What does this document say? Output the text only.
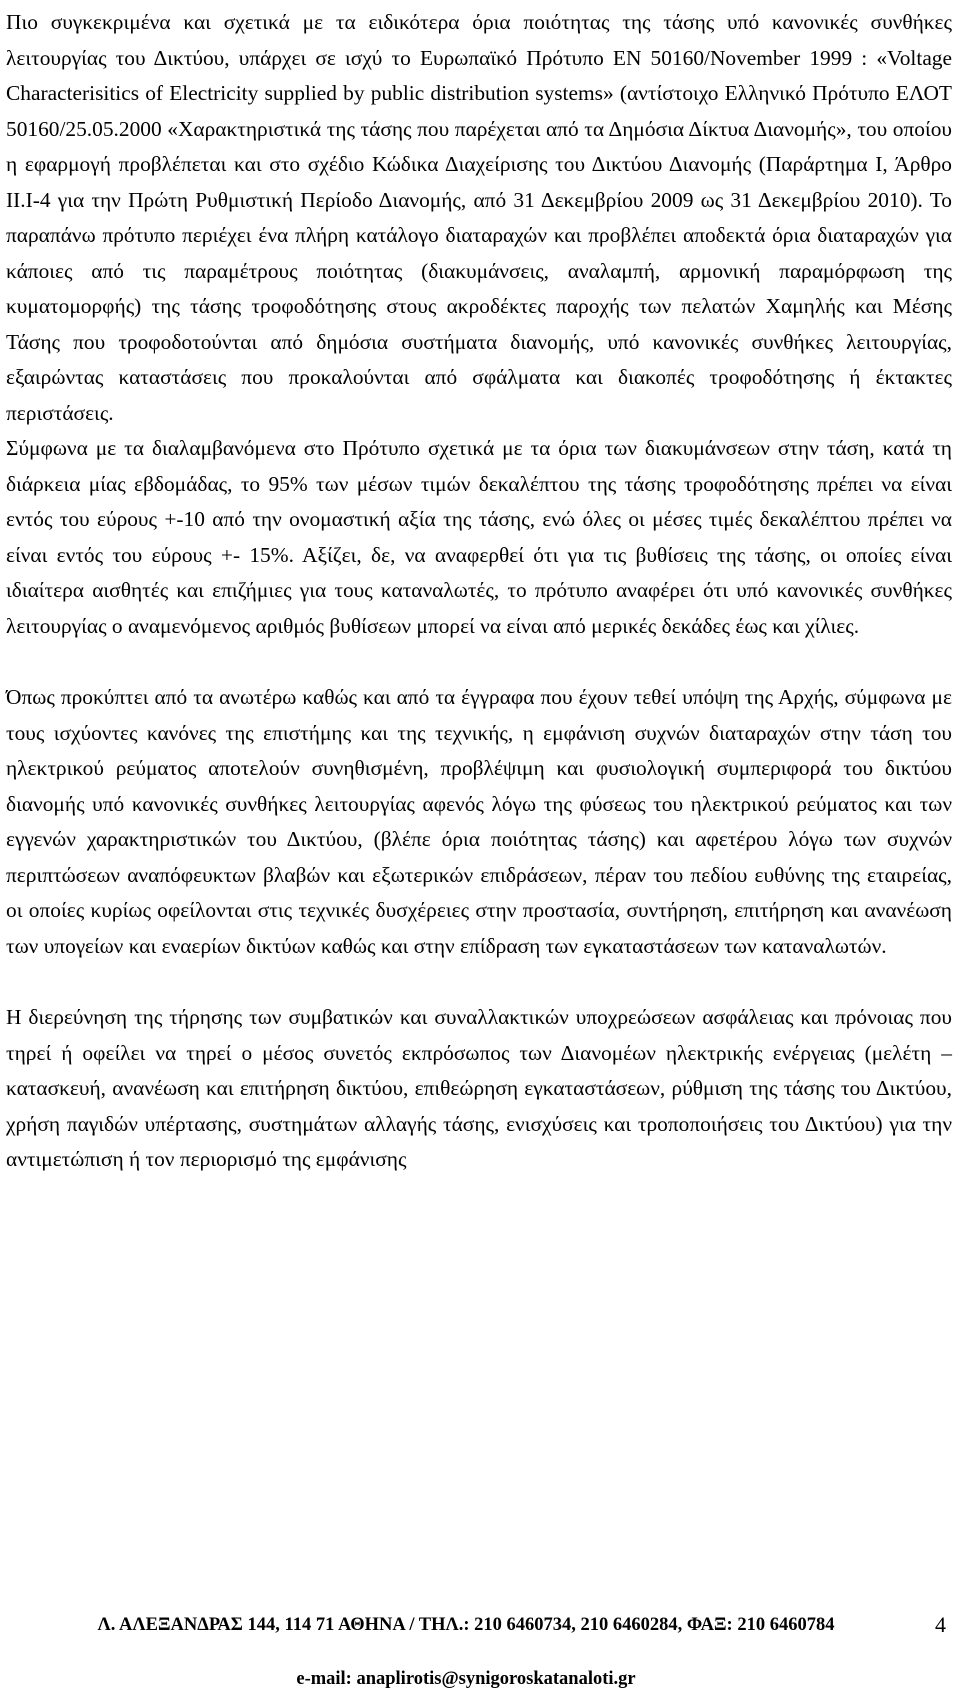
Πιο συγκεκριμένα και σχετικά με τα ειδικότερα όρια ποιότητας της τάσης υπό κανονικές συνθήκες λειτουργίας του Δικτύου, υπάρχει σε ισχύ το Ευρωπαϊκό Πρότυπο ΕΝ 50160/November 1999 : «Voltage Characterisitics of Electricity supplied by public distribution systems» (αντίστοιχο Ελληνικό Πρότυπο ΕΛΟΤ 50160/25.05.2000 «Χαρακτηριστικά της τάσης που παρέχεται από τα Δημόσια Δίκτυα Διανομής», του οποίου η εφαρμογή προβλέπεται και στο σχέδιο Κώδικα Διαχείρισης του Δικτύου Διανομής (Παράρτημα Ι, Άρθρο ΙΙ.Ι-4 για την Πρώτη Ρυθμιστική Περίοδο Διανομής, από 31 Δεκεμβρίου 2009 ως 31 Δεκεμβρίου 2010). Το παραπάνω πρότυπο περιέχει ένα πλήρη κατάλογο διαταραχών και προβλέπει αποδεκτά όρια διαταραχών για κάποιες από τις παραμέτρους ποιότητας (διακυμάνσεις, αναλαμπή, αρμονική παραμόρφωση της κυματομορφής) της τάσης τροφοδότησης στους ακροδέκτες παροχής των πελατών Χαμηλής και Μέσης Τάσης που τροφοδοτούνται από δημόσια συστήματα διανομής, υπό κανονικές συνθήκες λειτουργίας, εξαιρώντας καταστάσεις που προκαλούνται από σφάλματα και διακοπές τροφοδότησης ή έκτακτες περιστάσεις.

Σύμφωνα με τα διαλαμβανόμενα στο Πρότυπο σχετικά με τα όρια των διακυμάνσεων στην τάση, κατά τη διάρκεια μίας εβδομάδας, το 95% των μέσων τιμών δεκαλέπτου της τάσης τροφοδότησης πρέπει να είναι εντός του εύρους +-10 από την ονομαστική αξία της τάσης, ενώ όλες οι μέσες τιμές δεκαλέπτου πρέπει να είναι εντός του εύρους +- 15%. Αξίζει, δε, να αναφερθεί ότι για τις βυθίσεις της τάσης, οι οποίες είναι ιδιαίτερα αισθητές και επιζήμιες για τους καταναλωτές, το πρότυπο αναφέρει ότι υπό κανονικές συνθήκες λειτουργίας ο αναμενόμενος αριθμός βυθίσεων μπορεί να είναι από μερικές δεκάδες έως και χίλιες.

Όπως προκύπτει από τα ανωτέρω καθώς και από τα έγγραφα που έχουν τεθεί υπόψη της Αρχής, σύμφωνα με τους ισχύοντες κανόνες της επιστήμης και της τεχνικής, η εμφάνιση συχνών διαταραχών στην τάση του ηλεκτρικού ρεύματος αποτελούν συνηθισμένη, προβλέψιμη και φυσιολογική συμπεριφορά του δικτύου διανομής υπό κανονικές συνθήκες λειτουργίας αφενός λόγω της φύσεως του ηλεκτρικού ρεύματος και των εγγενών χαρακτηριστικών του Δικτύου, (βλέπε όρια ποιότητας τάσης) και αφετέρου λόγω των συχνών περιπτώσεων αναπόφευκτων βλαβών και εξωτερικών επιδράσεων, πέραν του πεδίου ευθύνης της εταιρείας, οι οποίες κυρίως οφείλονται στις τεχνικές δυσχέρειες στην προστασία, συντήρηση, επιτήρηση και ανανέωση των υπογείων και εναερίων δικτύων καθώς και στην επίδραση των εγκαταστάσεων των καταναλωτών.

Η διερεύνηση της τήρησης των συμβατικών και συναλλακτικών υποχρεώσεων ασφάλειας και πρόνοιας που τηρεί ή οφείλει να τηρεί ο μέσος συνετός εκπρόσωπος των Διανομέων ηλεκτρικής ενέργειας (μελέτη – κατασκευή, ανανέωση και επιτήρηση δικτύου, επιθεώρηση εγκαταστάσεων, ρύθμιση της τάσης του Δικτύου, χρήση παγιδών υπέρτασης, συστημάτων αλλαγής τάσης, ενισχύσεις και τροποποιήσεις του Δικτύου) για την αντιμετώπιση ή τον περιορισμό της εμφάνισης

Λ. ΑΛΕΞΑΝΔΡΑΣ 144, 114 71 ΑΘΗΝΑ / ΤΗΛ.: 210 6460734, 210 6460284, ΦΑΞ: 210 6460784	4
e-mail: anaplirotis@synigoroskatanaloti.gr
